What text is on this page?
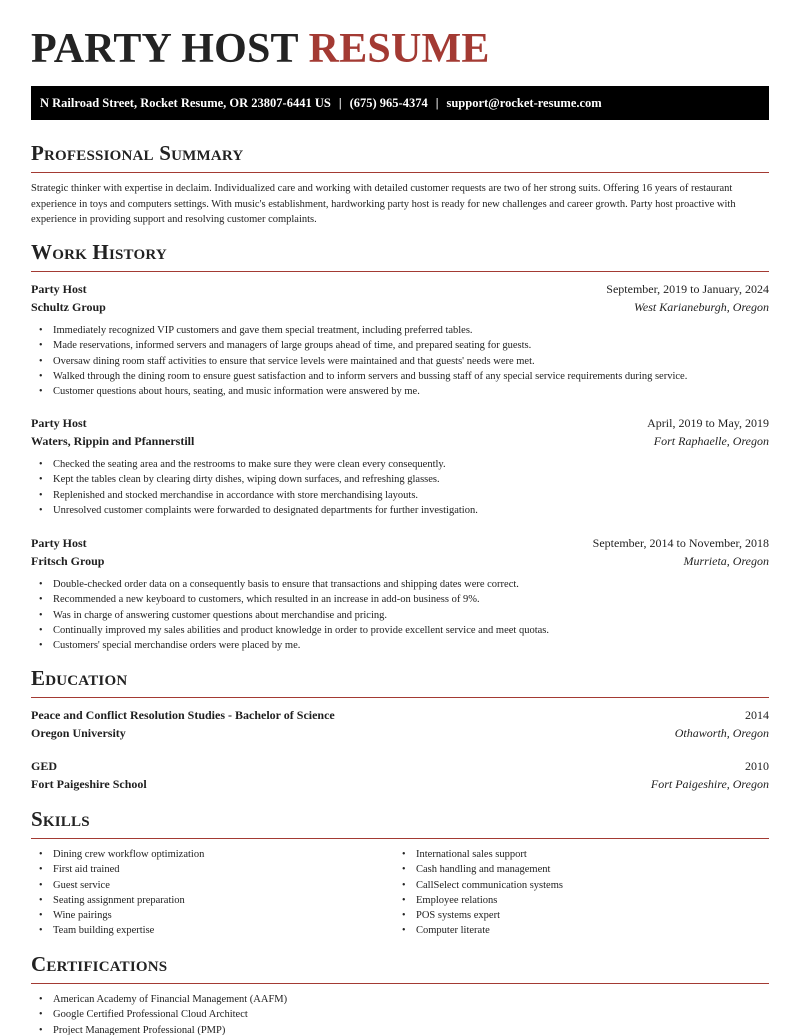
PARTY HOST RESUME
N Railroad Street, Rocket Resume, OR 23807-6441 US | (675) 965-4374 | support@rocket-resume.com
Professional Summary

Strategic thinker with expertise in declaim. Individualized care and working with detailed customer requests are two of her strong suits. Offering 16 years of restaurant experience in toys and computers settings. With music's establishment, hardworking party host is ready for new challenges and career growth. Party host proactive with experience in providing support and resolving customer complaints.

Work History
Party Host	September, 2019 to January, 2024
Schultz Group	West Karianeburgh, Oregon
• Immediately recognized VIP customers and gave them special treatment, including preferred tables.
• Made reservations, informed servers and managers of large groups ahead of time, and prepared seating for guests.
• Oversaw dining room staff activities to ensure that service levels were maintained and that guests' needs were met.
• Walked through the dining room to ensure guest satisfaction and to inform servers and bussing staff of any special service requirements during service.
• Customer questions about hours, seating, and music information were answered by me.
Party Host	April, 2019 to May, 2019
Waters, Rippin and Pfannerstill	Fort Raphaelle, Oregon
• Checked the seating area and the restrooms to make sure they were clean every consequently.
• Kept the tables clean by clearing dirty dishes, wiping down surfaces, and refreshing glasses.
• Replenished and stocked merchandise in accordance with store merchandising layouts.
• Unresolved customer complaints were forwarded to designated departments for further investigation.
Party Host	September, 2014 to November, 2018
Fritsch Group	Murrieta, Oregon
• Double-checked order data on a consequently basis to ensure that transactions and shipping dates were correct.
• Recommended a new keyboard to customers, which resulted in an increase in add-on business of 9%.
• Was in charge of answering customer questions about merchandise and pricing.
• Continually improved my sales abilities and product knowledge in order to provide excellent service and meet quotas.
• Customers' special merchandise orders were placed by me.
Education
Peace and Conflict Resolution Studies - Bachelor of Science	2014
Oregon University	Othaworth, Oregon
GED	2010
Fort Paigeshire School	Fort Paigeshire, Oregon
Skills
• Dining crew workflow optimization
• First aid trained
• Guest service
• Seating assignment preparation
• Wine pairings
• Team building expertise
• International sales support
• Cash handling and management
• CallSelect communication systems
• Employee relations
• POS systems expert
• Computer literate
Certifications
• American Academy of Financial Management (AAFM)
• Google Certified Professional Cloud Architect
• Project Management Professional (PMP)
